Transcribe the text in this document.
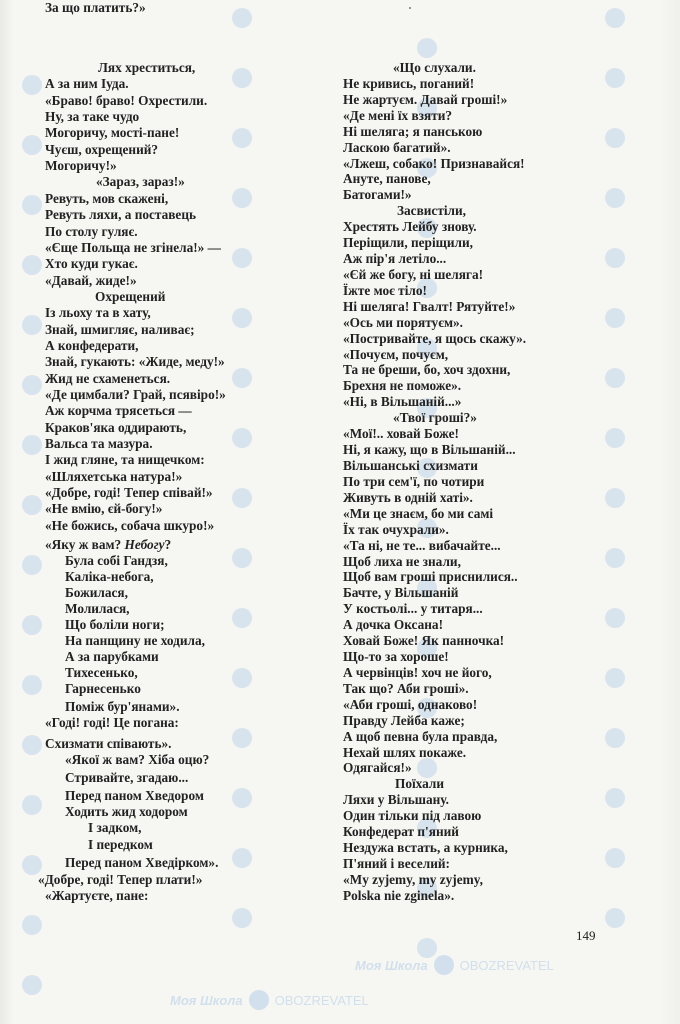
Моя Школа OBOZREVATEL
Моя Школа OBOZREVATEL
Лях хреститься,
А за ним Іуда.
«Браво! браво! Охрестили.
Ну, за таке чудо
Могоричу, мості-пане!
Чуєш, охрещений?
Могоричу!»
«Зараз, зараз!»
Ревуть, мов скажені,
Ревуть ляхи, а поставець
По столу гуляє.
«Єще Польща не згінела!» —
Хто куди гукає.
«Давай, жиде!»
Охрещений
Із льоху та в хату,
Знай, шмигляє, наливає;
А конфедерати,
Знай, гукають: «Жиде, меду!»
Жид не схаменеться.
«Де цимбали? Грай, псявіро!»
Аж корчма трясеться —
Краков'яка оддирають,
Вальса та мазура.
І жид гляне, та нищечком:
«Шляхетська натура!»
«Добре, годі! Тепер співай!»
«Не вмію, єй-богу!»
«Не божись, собача шкуро!»
«Яку ж вам? Небогу?
Була собі Гандзя,
Каліка-небога,
Божилася,
Молилася,
Що боліли ноги;
На панщину не ходила,
А за парубками
Тихесенько,
Гарнесенько
Поміж бур'янами».
«Годі! годі! Це погана:
Схизмати співають».
«Якої ж вам? Хіба оцю?
Стривайте, згадаю...
Перед паном Хведором
Ходить жид ходором
І задком,
І передком
Перед паном Хведірком».
«Добре, годі! Тепер плати!»
«Жартуєте, пане:
За що платить?»
«Що слухали.
Не кривись, поганий!
Не жартуєм. Давай гроші!»
«Де мені їх взяти?
Ні шеляга; я панською
Ласкою багатий».
«Лжеш, собако! Признавайся!
Ануте, панове,
Батогами!»
Засвистіли,
Хрестять Лейбу знову.
Періщили, періщили,
Аж пір'я летіло...
«Єй же богу, ні шеляга!
Їжте моє тіло!
Ні шеляга! Гвалт! Рятуйте!»
«Ось ми порятуєм».
«Постривайте, я щось скажу».
«Почуєм, почуєм,
Та не бреши, бо, хоч здохни,
Брехня не поможе».
«Ні, в Вільшаній...»
«Твої гроші?»
«Мої!.. ховай Боже!
Ні, я кажу, що в Вільшаній...
Вільшанські схизмати
По три сем'ї, по чотири
Живуть в одній хаті».
«Ми це знаєм, бо ми самі
Їх так очухрали».
«Та ні, не те... вибачайте...
Щоб лиха не знали,
Щоб вам гроші приснилися..
Бачте, у Вільшаній
У костьолі... у титаря...
А дочка Оксана!
Ховай Боже! Як панночка!
Що-то за хороше!
А червінців! хоч не його,
Так що? Аби гроші».
«Аби гроші, однаково!
Правду Лейба каже;
А щоб певна була правда,
Нехай шлях покаже.
Одягайся!»
Поїхали
Ляхи у Вільшану.
Один тільки під лавою
Конфедерат п'яний
Нездужа встать, а курника,
П'яний і веселий:
«My zyjemy, my zyjemy,
Polska nie zginela».
149
